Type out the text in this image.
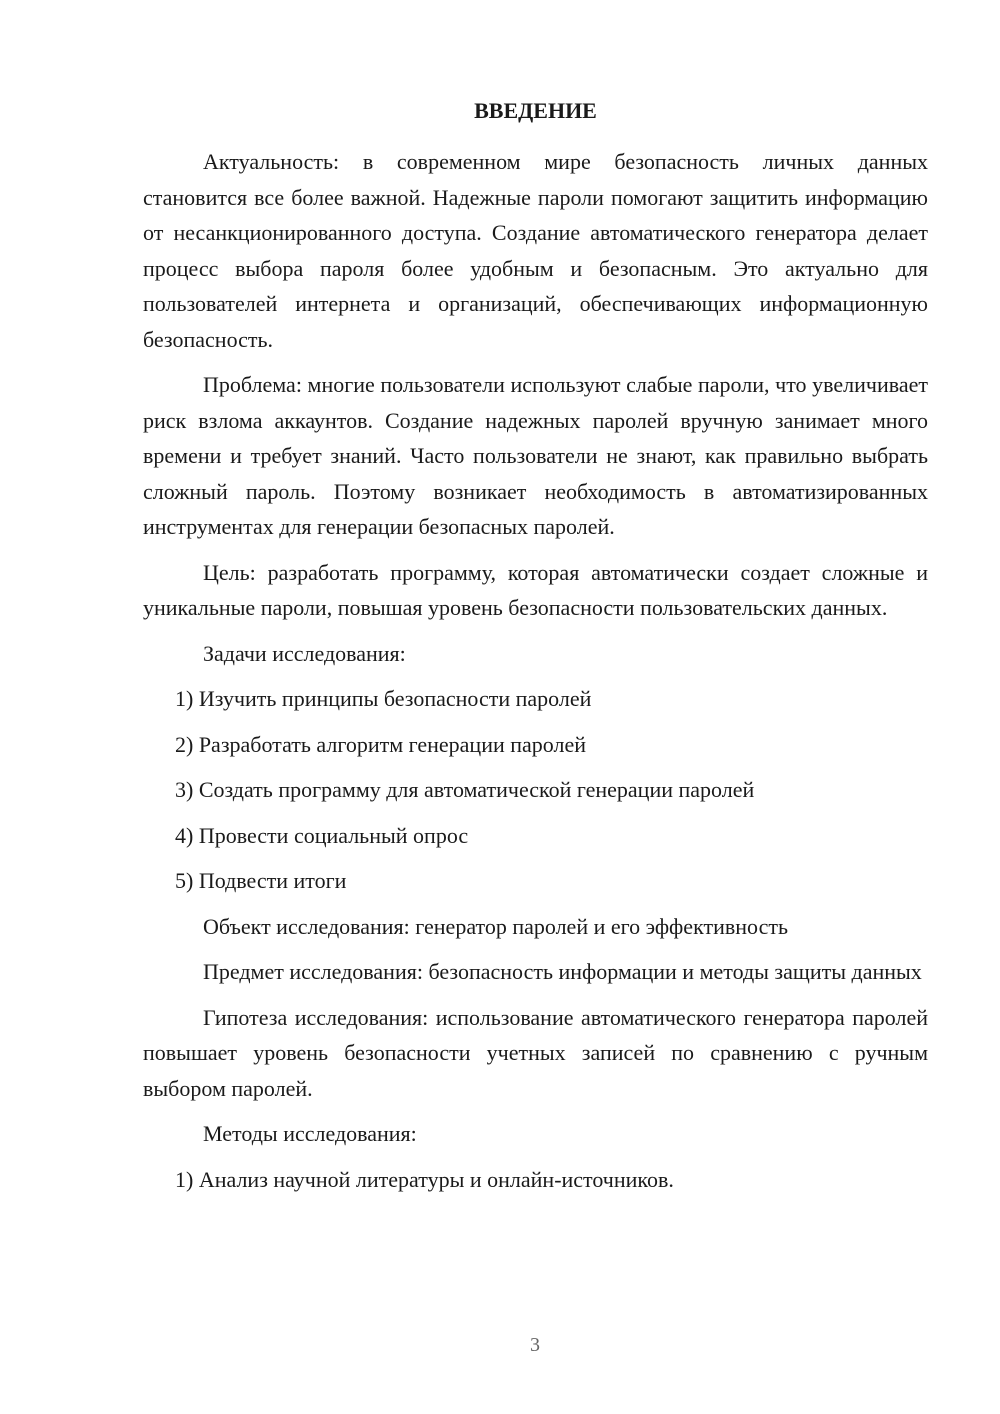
ВВЕДЕНИЕ

Актуальность: в современном мире безопасность личных данных становится все более важной. Надежные пароли помогают защитить информацию от несанкционированного доступа. Создание автоматического генератора делает процесс выбора пароля более удобным и безопасным. Это актуально для пользователей интернета и организаций, обеспечивающих информационную безопасность.

Проблема: многие пользователи используют слабые пароли, что увеличивает риск взлома аккаунтов. Создание надежных паролей вручную занимает много времени и требует знаний. Часто пользователи не знают, как правильно выбрать сложный пароль. Поэтому возникает необходимость в автоматизированных инструментах для генерации безопасных паролей.

Цель: разработать программу, которая автоматически создает сложные и уникальные пароли, повышая уровень безопасности пользовательских данных.

Задачи исследования:
1) Изучить принципы безопасности паролей
2) Разработать алгоритм генерации паролей
3) Создать программу для автоматической генерации паролей
4) Провести социальный опрос
5) Подвести итоги
Объект исследования: генератор паролей и его эффективность

Предмет исследования: безопасность информации и методы защиты данных

Гипотеза исследования: использование автоматического генератора паролей повышает уровень безопасности учетных записей по сравнению с ручным выбором паролей.

Методы исследования:
1) Анализ научной литературы и онлайн-источников.
3
